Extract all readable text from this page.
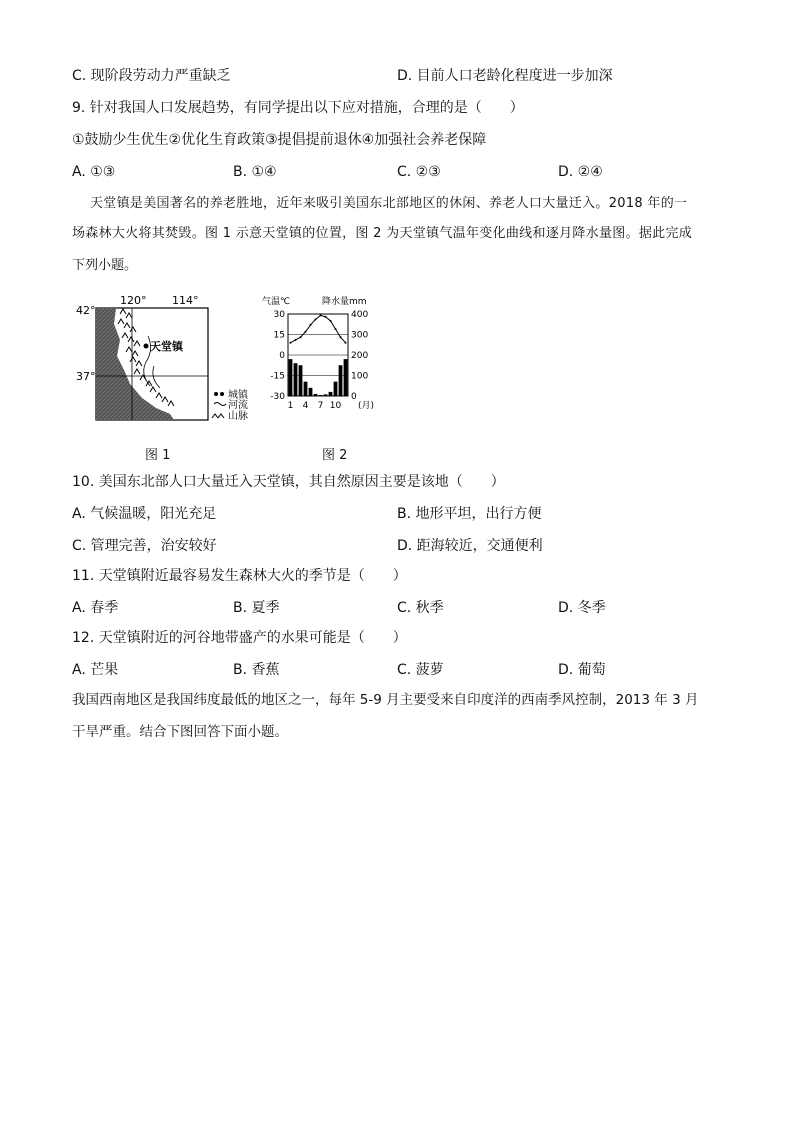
C. 现阶段劳动力严重缺乏	D. 目前人口老龄化程度进一步加深
9. 针对我国人口发展趋势，有同学提出以下应对措施，合理的是（　　）
①鼓励少生优生②优化生育政策③提倡提前退休④加强社会养老保障
A. ①③	B. ①④	C. ②③	D. ②④
天堂镇是美国著名的养老胜地，近年来吸引美国东北部地区的休闲、养老人口大量迁入。2018 年的一
场森林大火将其焚毁。图 1 示意天堂镇的位置，图 2 为天堂镇气温年变化曲线和逐月降水量图。据此完成
下列小题。
120° 114°
42°
37°
天堂镇
城镇
河流
山脉
图 1
气温℃	降水量mm
30
15
0
-15
-30
400
300
200
100
0
1 4 7 10 (月)
图 2
10. 美国东北部人口大量迁入天堂镇，其自然原因主要是该地（　　）
A. 气候温暖，阳光充足	B. 地形平坦，出行方便
C. 管理完善，治安较好	D. 距海较近，交通便利
11. 天堂镇附近最容易发生森林大火的季节是（　　）
A. 春季	B. 夏季	C. 秋季	D. 冬季
12. 天堂镇附近的河谷地带盛产的水果可能是（　　）
A. 芒果	B. 香蕉	C. 菠萝	D. 葡萄
我国西南地区是我国纬度最低的地区之一，每年 5-9 月主要受来自印度洋的西南季风控制，2013 年 3 月
干旱严重。结合下图回答下面小题。
